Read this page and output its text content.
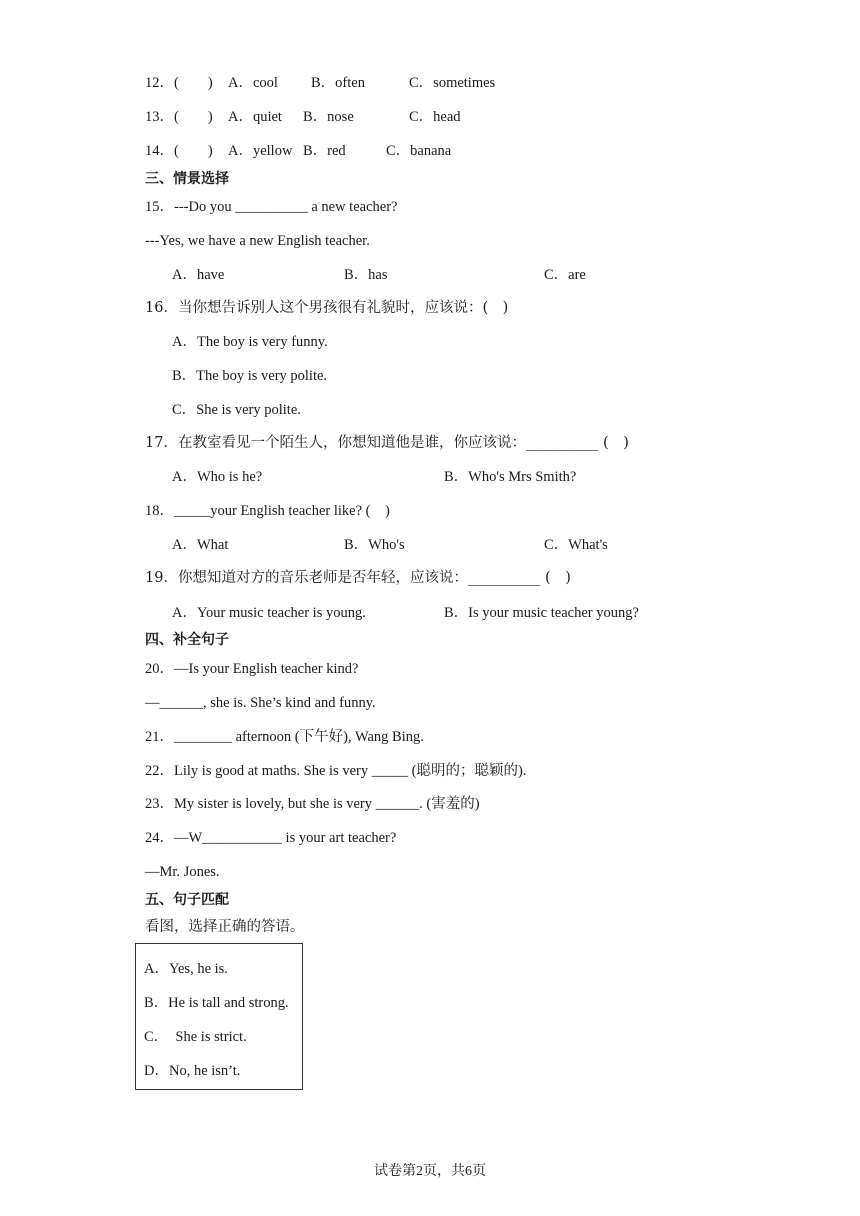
12．(　　) A．cool B．often	C．sometimes
13．(　　) A．quiet B．nose	C．head
14．(　　) A．yellow B．red	C．banana
三、情景选择
15．---Do you __________ a new teacher?
---Yes, we have a new English teacher.
A．have	B．has	C．are
16．当你想告诉别人这个男孩很有礼貌时，应该说：(　)
A．The boy is very funny.
B．The boy is very polite.
C．She is very polite.
17．在教室看见一个陌生人，你想知道他是谁，你应该说：__________ (　)
A．Who is he?	B．Who's Mrs Smith?
18．_____your English teacher like? (　)
A．What	B．Who's	C．What's
19．你想知道对方的音乐老师是否年轻，应该说：__________ (　)
A．Your music teacher is young.	B．Is your music teacher young?
四、补全句子
20．—Is your English teacher kind?
—______, she is. She’s kind and funny.
21．________ afternoon (下午好), Wang Bing.
22．Lily is good at maths. She is very _____ (聪明的；聪颖的).
23．My sister is lovely, but she is very ______. (害羞的)
24．—W___________ is your art teacher?
—Mr. Jones.
五、句子匹配
看图，选择正确的答语。
A．Yes, he is.
B．He is tall and strong.
C．　She is strict.
D．No, he isn’t.
试卷第2页，共6页
